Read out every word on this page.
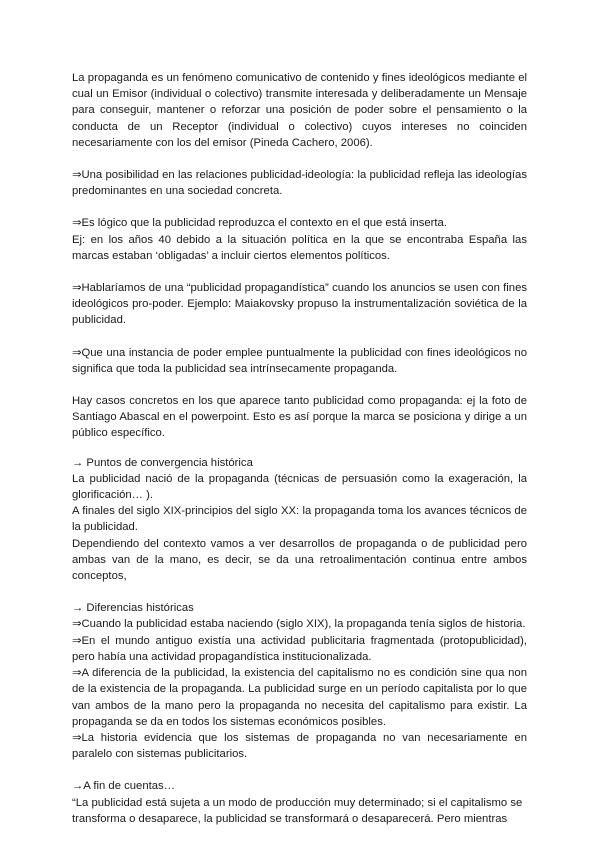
La propaganda es un fenómeno comunicativo de contenido y fines ideológicos mediante el cual un Emisor (individual o colectivo) transmite interesada y deliberadamente un Mensaje para conseguir, mantener o reforzar una posición de poder sobre el pensamiento o la conducta de un Receptor (individual o colectivo) cuyos intereses no coinciden necesariamente con los del emisor (Pineda Cachero, 2006).

⇒Una posibilidad en las relaciones publicidad-ideología: la publicidad refleja las ideologías predominantes en una sociedad concreta.

⇒Es lógico que la publicidad reproduzca el contexto en el que está inserta.

Ej: en los años 40 debido a la situación política en la que se encontraba España las marcas estaban ‘obligadas’ a incluir ciertos elementos políticos.

⇒Hablaríamos de una “publicidad propagandística” cuando los anuncios se usen con fines ideológicos pro-poder. Ejemplo: Maiakovsky propuso la instrumentalización soviética de la publicidad.

⇒Que una instancia de poder emplee puntualmente la publicidad con fines ideológicos no significa que toda la publicidad sea intrínsecamente propaganda.

Hay casos concretos en los que aparece tanto publicidad como propaganda: ej la foto de Santiago Abascal en el powerpoint. Esto es así porque la marca se posiciona y dirige a un público específico.

→ Puntos de convergencia histórica

La publicidad nació de la propaganda (técnicas de persuasión como la exageración, la glorificación… ).

A finales del siglo XIX-principios del siglo XX: la propaganda toma los avances técnicos de la publicidad.

Dependiendo del contexto vamos a ver desarrollos de propaganda o de publicidad pero ambas van de la mano, es decir, se da una retroalimentación continua entre ambos conceptos,

→ Diferencias históricas

⇒Cuando la publicidad estaba naciendo (siglo XIX), la propaganda tenía siglos de historia.

⇒En el mundo antiguo existía una actividad publicitaria fragmentada (protopublicidad), pero había una actividad propagandística institucionalizada.

⇒A diferencia de la publicidad, la existencia del capitalismo no es condición sine qua non de la existencia de la propaganda. La publicidad surge en un período capitalista por lo que van ambos de la mano pero la propaganda no necesita del capitalismo para existir. La propaganda se da en todos los sistemas económicos posibles.

⇒La historia evidencia que los sistemas de propaganda no van necesariamente en paralelo con sistemas publicitarios.

→A fin de cuentas…

“La publicidad está sujeta a un modo de producción muy determinado; si el capitalismo se transforma o desaparece, la publicidad se transformará o desaparecerá. Pero mientras
